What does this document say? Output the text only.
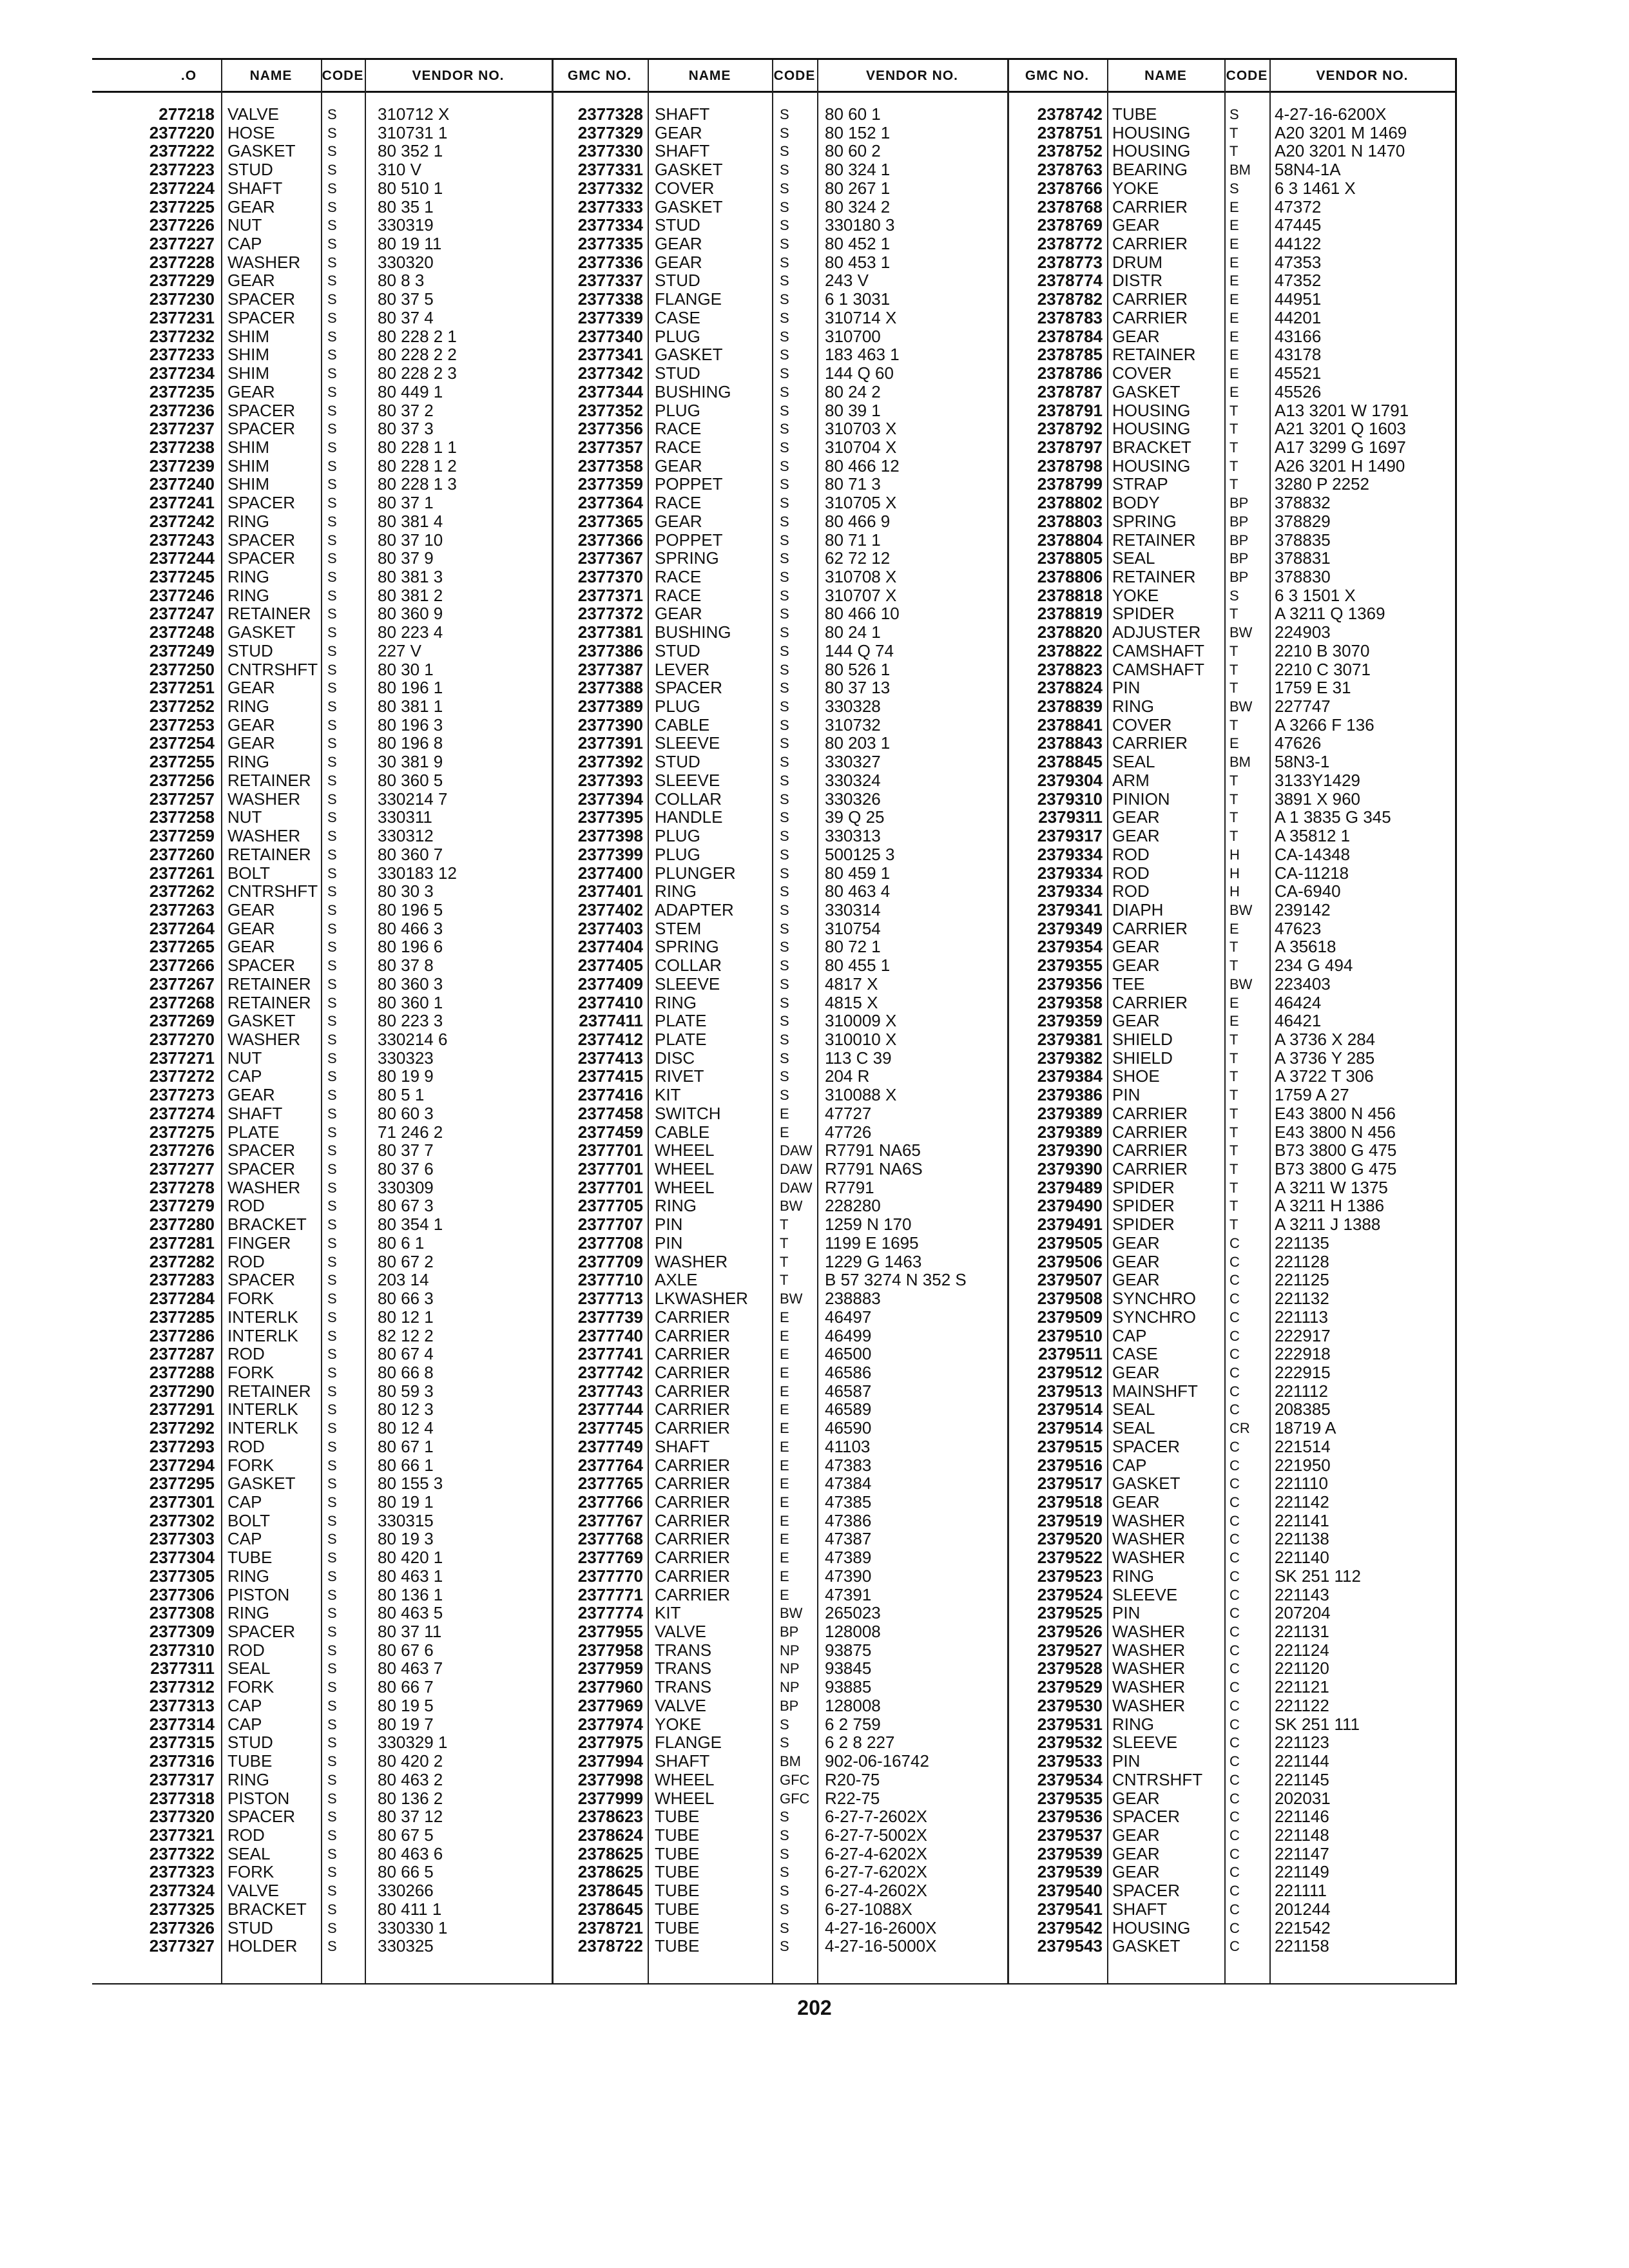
.O	NAME	CODE	VENDOR NO.	GMC NO.	NAME	CODE	VENDOR NO.	GMC NO.	NAME	CODE	VENDOR NO.
277218 VALVE	S 310712 X
2377220 HOSE	S 310731 1
2377222 GASKET S 80 352 1
2377223 STUD	S 310 V
2377224 SHAFT	S 80 510 1
2377225 GEAR	S 80 35 1
2377226 NUT	S 330319
2377227 CAP	S 80 19 11
2377228 WASHER S 330320
2377229 GEAR	S 80 8 3
2377230 SPACER S 80 37 5
2377231 SPACER S 80 37 4
2377232 SHIM	S 80 228 2 1
2377233 SHIM	S 80 228 2 2
2377234 SHIM	S 80 228 2 3
2377235 GEAR	S 80 449 1
2377236 SPACER S 80 37 2
2377237 SPACER S 80 37 3
2377238 SHIM	S 80 228 1 1
2377239 SHIM	S 80 228 1 2
2377240 SHIM	S 80 228 1 3
2377241 SPACER S 80 37 1
2377242 RING	S 80 381 4
2377243 SPACER S 80 37 10
2377244 SPACER S 80 37 9
2377245 RING	S 80 381 3
2377246 RING	S 80 381 2
2377247 RETAINER S 80 360 9
2377248 GASKET S 80 223 4
2377249 STUD	S 227 V
2377250 CNTRSHFT S 80 30 1
2377251 GEAR	S 80 196 1
2377252 RING	S 80 381 1
2377253 GEAR	S 80 196 3
2377254 GEAR	S 80 196 8
2377255 RING	S 30 381 9
2377256 RETAINER S 80 360 5
2377257 WASHER S 330214 7
2377258 NUT	S 330311
2377259 WASHER S 330312
2377260 RETAINER S 80 360 7
2377261 BOLT	S 330183 12
2377262 CNTRSHFT S 80 30 3
2377263 GEAR	S 80 196 5
2377264 GEAR	S 80 466 3
2377265 GEAR	S 80 196 6
2377266 SPACER S 80 37 8
2377267 RETAINER S 80 360 3
2377268 RETAINER S 80 360 1
2377269 GASKET S 80 223 3
2377270 WASHER S 330214 6
2377271 NUT	S 330323
2377272 CAP	S 80 19 9
2377273 GEAR	S 80 5 1
2377274 SHAFT	S 80 60 3
2377275 PLATE	S 71 246 2
2377276 SPACER S 80 37 7
2377277 SPACER S 80 37 6
2377278 WASHER S 330309
2377279 ROD	S 80 67 3
2377280 BRACKET S 80 354 1
2377281 FINGER	S 80 6 1
2377282 ROD	S 80 67 2
2377283 SPACER S 203 14
2377284 FORK	S 80 66 3
2377285 INTERLK S 80 12 1
2377286 INTERLK S 82 12 2
2377287 ROD	S 80 67 4
2377288 FORK	S 80 66 8
2377290 RETAINER S 80 59 3
2377291 INTERLK S 80 12 3
2377292 INTERLK S 80 12 4
2377293 ROD	S 80 67 1
2377294 FORK	S 80 66 1
2377295 GASKET S 80 155 3
2377301 CAP	S 80 19 1
2377302 BOLT	S 330315
2377303 CAP	S 80 19 3
2377304 TUBE	S 80 420 1
2377305 RING	S 80 463 1
2377306 PISTON	S 80 136 1
2377308 RING	S 80 463 5
2377309 SPACER S 80 37 11
2377310 ROD	S 80 67 6
2377311 SEAL	S 80 463 7
2377312 FORK	S 80 66 7
2377313 CAP	S 80 19 5
2377314 CAP	S 80 19 7
2377315 STUD	S 330329 1
2377316 TUBE	S 80 420 2
2377317 RING	S 80 463 2
2377318 PISTON	S 80 136 2
2377320 SPACER S 80 37 12
2377321 ROD	S 80 67 5
2377322 SEAL	S 80 463 6
2377323 FORK	S 80 66 5
2377324 VALVE	S 330266
2377325 BRACKET S 80 411 1
2377326 STUD	S 330330 1
2377327 HOLDER S 330325
2377328 SHAFT	S 80 60 1
2377329 GEAR	S 80 152 1
2377330 SHAFT	S 80 60 2
2377331 GASKET	S 80 324 1
2377332 COVER	S 80 267 1
2377333 GASKET	S 80 324 2
2377334 STUD	S 330180 3
2377335 GEAR	S 80 452 1
2377336 GEAR	S 80 453 1
2377337 STUD	S 243 V
2377338 FLANGE	S 6 1 3031
2377339 CASE	S 310714 X
2377340 PLUG	S 310700
2377341 GASKET	S 183 463 1
2377342 STUD	S 144 Q 60
2377344 BUSHING	S 80 24 2
2377352 PLUG	S 80 39 1
2377356 RACE	S 310703 X
2377357 RACE	S 310704 X
2377358 GEAR	S 80 466 12
2377359 POPPET	S 80 71 3
2377364 RACE	S 310705 X
2377365 GEAR	S 80 466 9
2377366 POPPET	S 80 71 1
2377367 SPRING	S 62 72 12
2377370 RACE	S 310708 X
2377371 RACE	S 310707 X
2377372 GEAR	S 80 466 10
2377381 BUSHING	S 80 24 1
2377386 STUD	S 144 Q 74
2377387 LEVER	S 80 526 1
2377388 SPACER	S 80 37 13
2377389 PLUG	S 330328
2377390 CABLE	S 310732
2377391 SLEEVE	S 80 203 1
2377392 STUD	S 330327
2377393 SLEEVE	S 330324
2377394 COLLAR	S 330326
2377395 HANDLE	S 39 Q 25
2377398 PLUG	S 330313
2377399 PLUG	S 500125 3
2377400 PLUNGER	S 80 459 1
2377401 RING	S 80 463 4
2377402 ADAPTER	S 330314
2377403 STEM	S 310754
2377404 SPRING	S 80 72 1
2377405 COLLAR	S 80 455 1
2377409 SLEEVE	S 4817 X
2377410 RING	S 4815 X
2377411 PLATE	S 310009 X
2377412 PLATE	S 310010 X
2377413 DISC	S 113 C 39
2377415 RIVET	S 204 R
2377416 KIT	S 310088 X
2377458 SWITCH	E 47727
2377459 CABLE	E 47726
2377701 WHEEL	DAW R7791 NA65
2377701 WHEEL	DAW R7791 NA6S
2377701 WHEEL	DAW R7791
2377705 RING	BW 228280
2377707 PIN	T 1259 N 170
2377708 PIN	T 1199 E 1695
2377709 WASHER	T 1229 G 1463
2377710 AXLE	T B 57 3274 N 352 S
2377713 LKWASHER BW 238883
2377739 CARRIER	E 46497
2377740 CARRIER	E 46499
2377741 CARRIER	E 46500
2377742 CARRIER	E 46586
2377743 CARRIER	E 46587
2377744 CARRIER	E 46589
2377745 CARRIER	E 46590
2377749 SHAFT	E 41103
2377764 CARRIER	E 47383
2377765 CARRIER	E 47384
2377766 CARRIER	E 47385
2377767 CARRIER	E 47386
2377768 CARRIER	E 47387
2377769 CARRIER	E 47389
2377770 CARRIER	E 47390
2377771 CARRIER	E 47391
2377774 KIT	BW 265023
2377955 VALVE	BP 128008
2377958 TRANS	NP 93875
2377959 TRANS	NP 93845
2377960 TRANS	NP 93885
2377969 VALVE	BP 128008
2377974 YOKE	S 6 2 759
2377975 FLANGE	S 6 2 8 227
2377994 SHAFT	BM 902-06-16742
2377998 WHEEL	GFC R20-75
2377999 WHEEL	GFC R22-75
2378623 TUBE	S 6-27-7-2602X
2378624 TUBE	S 6-27-7-5002X
2378625 TUBE	S 6-27-4-6202X
2378625 TUBE	S 6-27-7-6202X
2378645 TUBE	S 6-27-4-2602X
2378645 TUBE	S 6-27-1088X
2378721 TUBE	S 4-27-16-2600X
2378722 TUBE	S 4-27-16-5000X
2378742 TUBE	S 4-27-16-6200X
2378751 HOUSING	T A20 3201 M 1469
2378752 HOUSING	T A20 3201 N 1470
2378763 BEARING	BM 58N4-1A
2378766 YOKE	S 6 3 1461 X
2378768 CARRIER	E 47372
2378769 GEAR	E 47445
2378772 CARRIER	E 44122
2378773 DRUM	E 47353
2378774 DISTR	E 47352
2378782 CARRIER	E 44951
2378783 CARRIER	E 44201
2378784 GEAR	E 43166
2378785 RETAINER E 43178
2378786 COVER	E 45521
2378787 GASKET	E 45526
2378791 HOUSING	T A13 3201 W 1791
2378792 HOUSING	T A21 3201 Q 1603
2378797 BRACKET	T A17 3299 G 1697
2378798 HOUSING	T A26 3201 H 1490
2378799 STRAP	T 3280 P 2252
2378802 BODY	BP 378832
2378803 SPRING	BP 378829
2378804 RETAINER BP 378835
2378805 SEAL	BP 378831
2378806 RETAINER BP 378830
2378818 YOKE	S 6 3 1501 X
2378819 SPIDER	T A 3211 Q 1369
2378820 ADJUSTER BW 224903
2378822 CAMSHAFT T 2210 B 3070
2378823 CAMSHAFT T 2210 C 3071
2378824 PIN	T 1759 E 31
2378839 RING	BW 227747
2378841 COVER	T A 3266 F 136
2378843 CARRIER	E 47626
2378845 SEAL	BM 58N3-1
2379304 ARM	T 3133Y1429
2379310 PINION	T 3891 X 960
2379311 GEAR	T A 1 3835 G 345
2379317 GEAR	T A 35812 1
2379334 ROD	H CA-14348
2379334 ROD	H CA-11218
2379334 ROD	H CA-6940
2379341 DIAPH	BW 239142
2379349 CARRIER	E 47623
2379354 GEAR	T A 35618
2379355 GEAR	T 234 G 494
2379356 TEE	BW 223403
2379358 CARRIER	E 46424
2379359 GEAR	E 46421
2379381 SHIELD	T A 3736 X 284
2379382 SHIELD	T A 3736 Y 285
2379384 SHOE	T A 3722 T 306
2379386 PIN	T 1759 A 27
2379389 CARRIER	T E43 3800 N 456
2379389 CARRIER	T E43 3800 N 456
2379390 CARRIER	T B73 3800 G 475
2379390 CARRIER	T B73 3800 G 475
2379489 SPIDER	T A 3211 W 1375
2379490 SPIDER	T A 3211 H 1386
2379491 SPIDER	T A 3211 J 1388
2379505 GEAR	C 221135
2379506 GEAR	C 221128
2379507 GEAR	C 221125
2379508 SYNCHRO C 221132
2379509 SYNCHRO C 221113
2379510 CAP	C 222917
2379511 CASE	C 222918
2379512 GEAR	C 222915
2379513 MAINSHFT C 221112
2379514 SEAL	C 208385
2379514 SEAL	CR 18719 A
2379515 SPACER	C 221514
2379516 CAP	C 221950
2379517 GASKET	C 221110
2379518 GEAR	C 221142
2379519 WASHER	C 221141
2379520 WASHER	C 221138
2379522 WASHER	C 221140
2379523 RING	C SK 251 112
2379524 SLEEVE	C 221143
2379525 PIN	C 207204
2379526 WASHER	C 221131
2379527 WASHER	C 221124
2379528 WASHER	C 221120
2379529 WASHER	C 221121
2379530 WASHER	C 221122
2379531 RING	C SK 251 111
2379532 SLEEVE	C 221123
2379533 PIN	C 221144
2379534 CNTRSHFT C 221145
2379535 GEAR	C 202031
2379536 SPACER	C 221146
2379537 GEAR	C 221148
2379539 GEAR	C 221147
2379539 GEAR	C 221149
2379540 SPACER	C 221111
2379541 SHAFT	C 201244
2379542 HOUSING	C 221542
2379543 GASKET	C 221158
202
